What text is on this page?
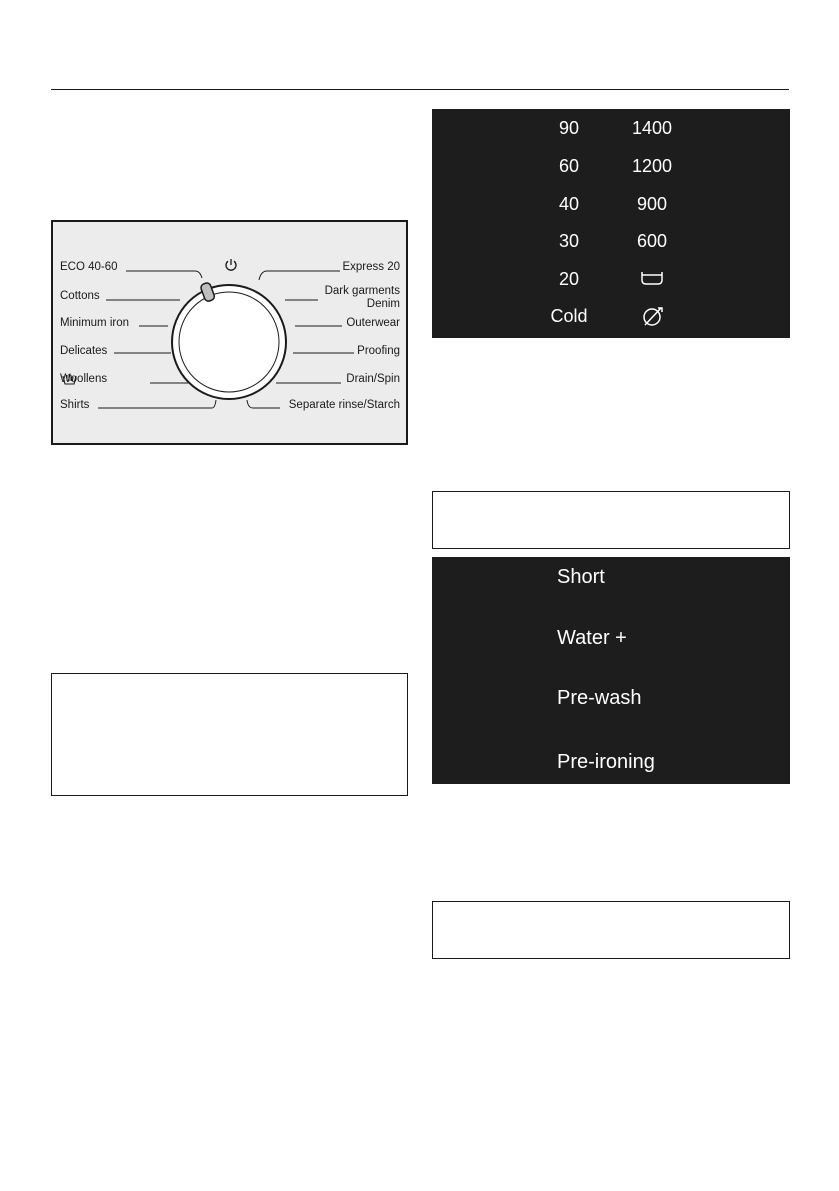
ECO 40-60
Cottons
Minimum iron
Delicates
Woollens
Shirts
Express 20
Dark garments
Denim
Outerwear
Proofing
Drain/Spin
Separate rinse/Starch
90
60
40
30
20
Cold
1400
1200
900
600
Short
Water +
Pre-wash
Pre-ironing
